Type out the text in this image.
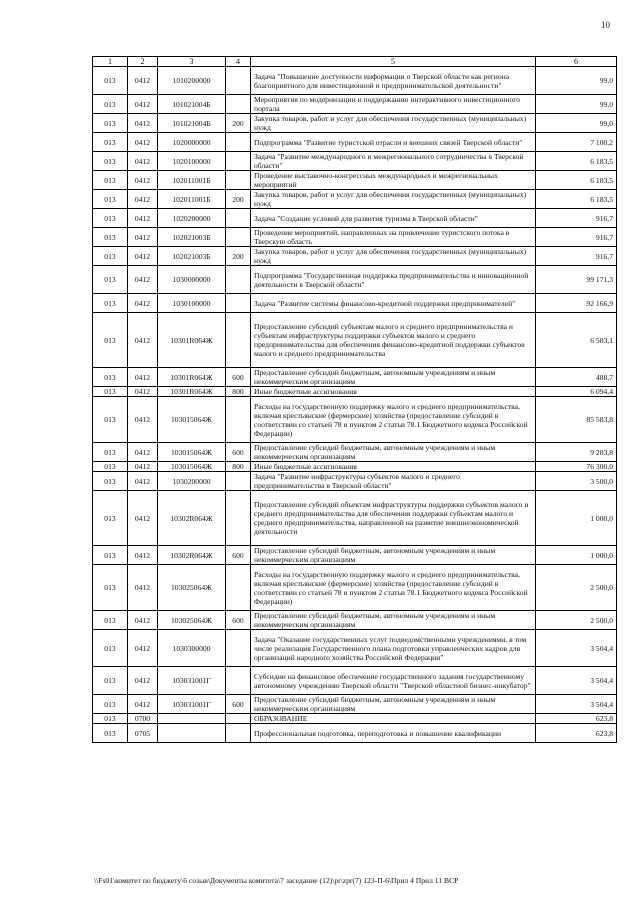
10
1	2	3	4	5	6
013	0412	1010200000		Задача "Повышение доступности информации о Тверской области как региона благоприятного для инвестиционной и предпринимательской деятельности"	99,0
013	0412	101021004Б		Мероприятия по модернизации и поддержанию интерактивного инвестиционного портала	99,0
013	0412	101021004Б	200	Закупка товаров, работ и услуг для обеспечения государственных (муниципальных) нужд	99,0
013	0412	1020000000		Подпрограмма "Развитие туристской отрасли и внешних связей Тверской области"	7 100,2
013	0412	1020100000		Задача "Развитие международного и межрегионального сотрудничества в Тверской области"	6 183,5
013	0412	102011001Б		Проведение выставочно-конгрессных международных и межрегиональных мероприятий	6 183,5
013	0412	102011001Б	200	Закупка товаров, работ и услуг для обеспечения государственных (муниципальных) нужд	6 183,5
013	0412	1020200000		Задача "Создание условий для развития туризма в Тверской области"	916,7
013	0412	102021003Б		Проведение мероприятий, направленных на привлечение туристского потока в Тверскую область	916,7
013	0412	102021003Б	200	Закупка товаров, работ и услуг для обеспечения государственных (муниципальных) нужд	916,7
013	0412	1030000000		Подпрограмма "Государственная поддержка предпринимательства и инновационной деятельности в Тверской области"	99 171,3
013	0412	1030100000		Задача "Развитие системы финансово-кредитной поддержки предпринимателей"	92 166,9
013	0412	10301R064Ж		Предоставление субсидий субъектам малого и среднего предпринимательства и субъектам инфраструктуры поддержки субъектов малого и среднего предпринимательства для обеспечения финансово-кредитной поддержки субъектов малого и среднего предпринимательства	6 583,1
013	0412	10301R064Ж	600	Предоставление субсидий бюджетным, автономным учреждениям и иным некоммерческим организациям	488,7
013	0412	10301R064Ж	800	Иные бюджетные ассигнования	6 094,4
013	0412	103015064Ж		Расходы на государственную поддержку малого и среднего предпринимательства, включая крестьянские (фермерские) хозяйства (предоставление субсидий в соответствии со статьей 78 и пунктом 2 статьи 78.1 Бюджетного кодекса Российской Федерации)	85 583,8
013	0412	103015064Ж	600	Предоставление субсидий бюджетным, автономным учреждениям и иным некоммерческим организациям	9 283,8
013	0412	103015064Ж	800	Иные бюджетные ассигнования	76 300,0
013	0412	1030200000		Задача "Развитие инфраструктуры субъектов малого и среднего предпринимательства в Тверской области"	3 500,0
013	0412	10302R064Ж		Предоставление субсидий объектам инфраструктуры поддержки субъектов малого и среднего предпринимательства для обеспечения поддержки субъектам малого и среднего предпринимательства, направленной на развитие внешнеэкономической деятельности	1 000,0
013	0412	10302R064Ж	600	Предоставление субсидий бюджетным, автономным учреждениям и иным некоммерческим организациям	1 000,0
013	0412	103025064Ж		Расходы на государственную поддержку малого и среднего предпринимательства, включая крестьянские (фермерские) хозяйства (предоставление субсидий в соответствии со статьей 78 и пунктом 2 статьи 78.1 Бюджетного кодекса Российской Федерации)	2 500,0
013	0412	103025064Ж	600	Предоставление субсидий бюджетным, автономным учреждениям и иным некоммерческим организациям	2 500,0
013	0412	1030300000		Задача "Оказание государственных услуг подведомственными учреждениями, в том числе реализация Государственного плана подготовки управленческих кадров для организаций народного хозяйства Российской Федерации"	3 504,4
013	0412	103031001Г		Субсидии на финансовое обеспечение государственного задания государственному автономному учреждению Тверской области "Тверской областной бизнес-инкубатор"	3 504,4
013	0412	103031001Г	600	Предоставление субсидий бюджетным, автономным учреждениям и иным некоммерческим организациям	3 504,4
013	0700			ОБРАЗОВАНИЕ	623,8
013	0705			Профессиональная подготовка, переподготовка и повышение квалификации	623,8
\\Fs01\комитет по бюджету\6 созыв\Документы комитета\7 заседание (12)\pr\zpr(7) 123-П-6\Прил 4 Прил 11 ВСР
